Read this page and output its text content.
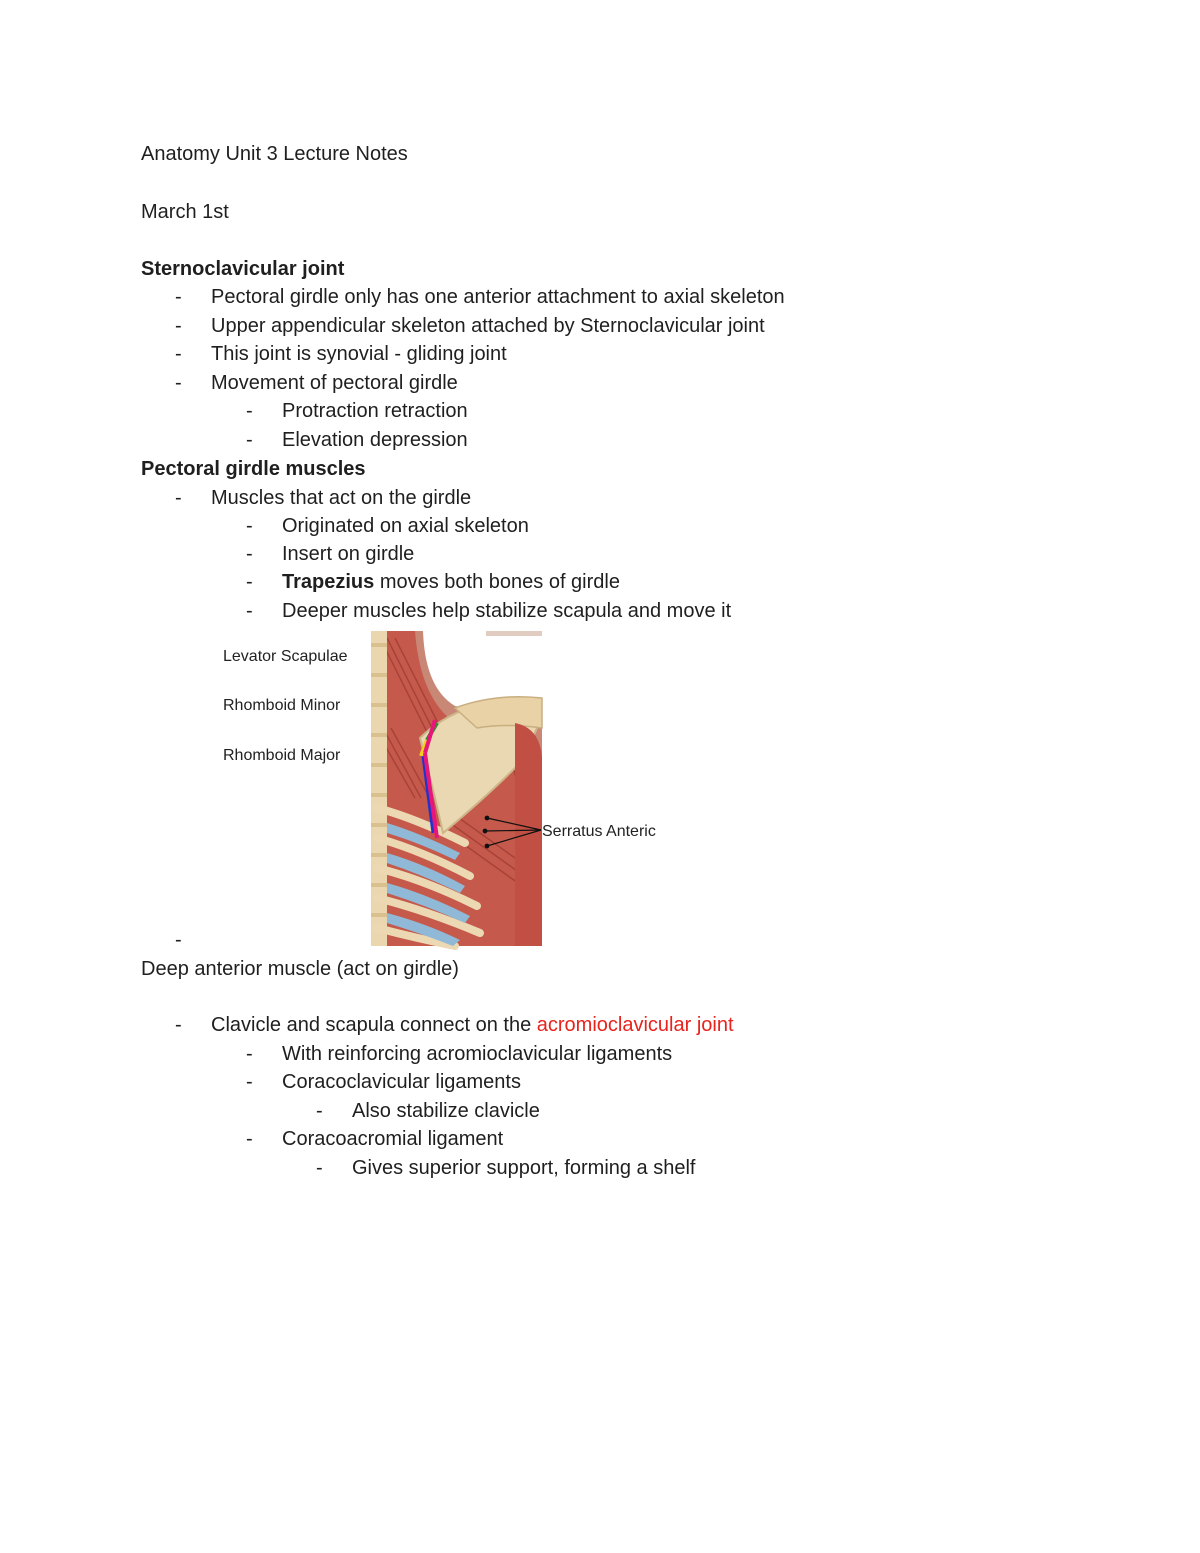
Anatomy Unit 3 Lecture Notes
March 1st
Sternoclavicular joint
- Pectoral girdle only has one anterior attachment to axial skeleton
- Upper appendicular skeleton attached by Sternoclavicular joint
- This joint is synovial - gliding joint
- Movement of pectoral girdle
- Protraction retraction
- Elevation depression
Pectoral girdle muscles
- Muscles that act on the girdle
- Originated on axial skeleton
- Insert on girdle
- Trapezius moves both bones of girdle
- Deeper muscles help stabilize scapula and move it
Levator Scapulae
Rhomboid Minor
Rhomboid Major
Serratus Anteric
-
Deep anterior muscle (act on girdle)
- Clavicle and scapula connect on the acromioclavicular joint
- With reinforcing acromioclavicular ligaments
- Coracoclavicular ligaments
- Also stabilize clavicle
- Coracoacromial ligament
- Gives superior support, forming a shelf
